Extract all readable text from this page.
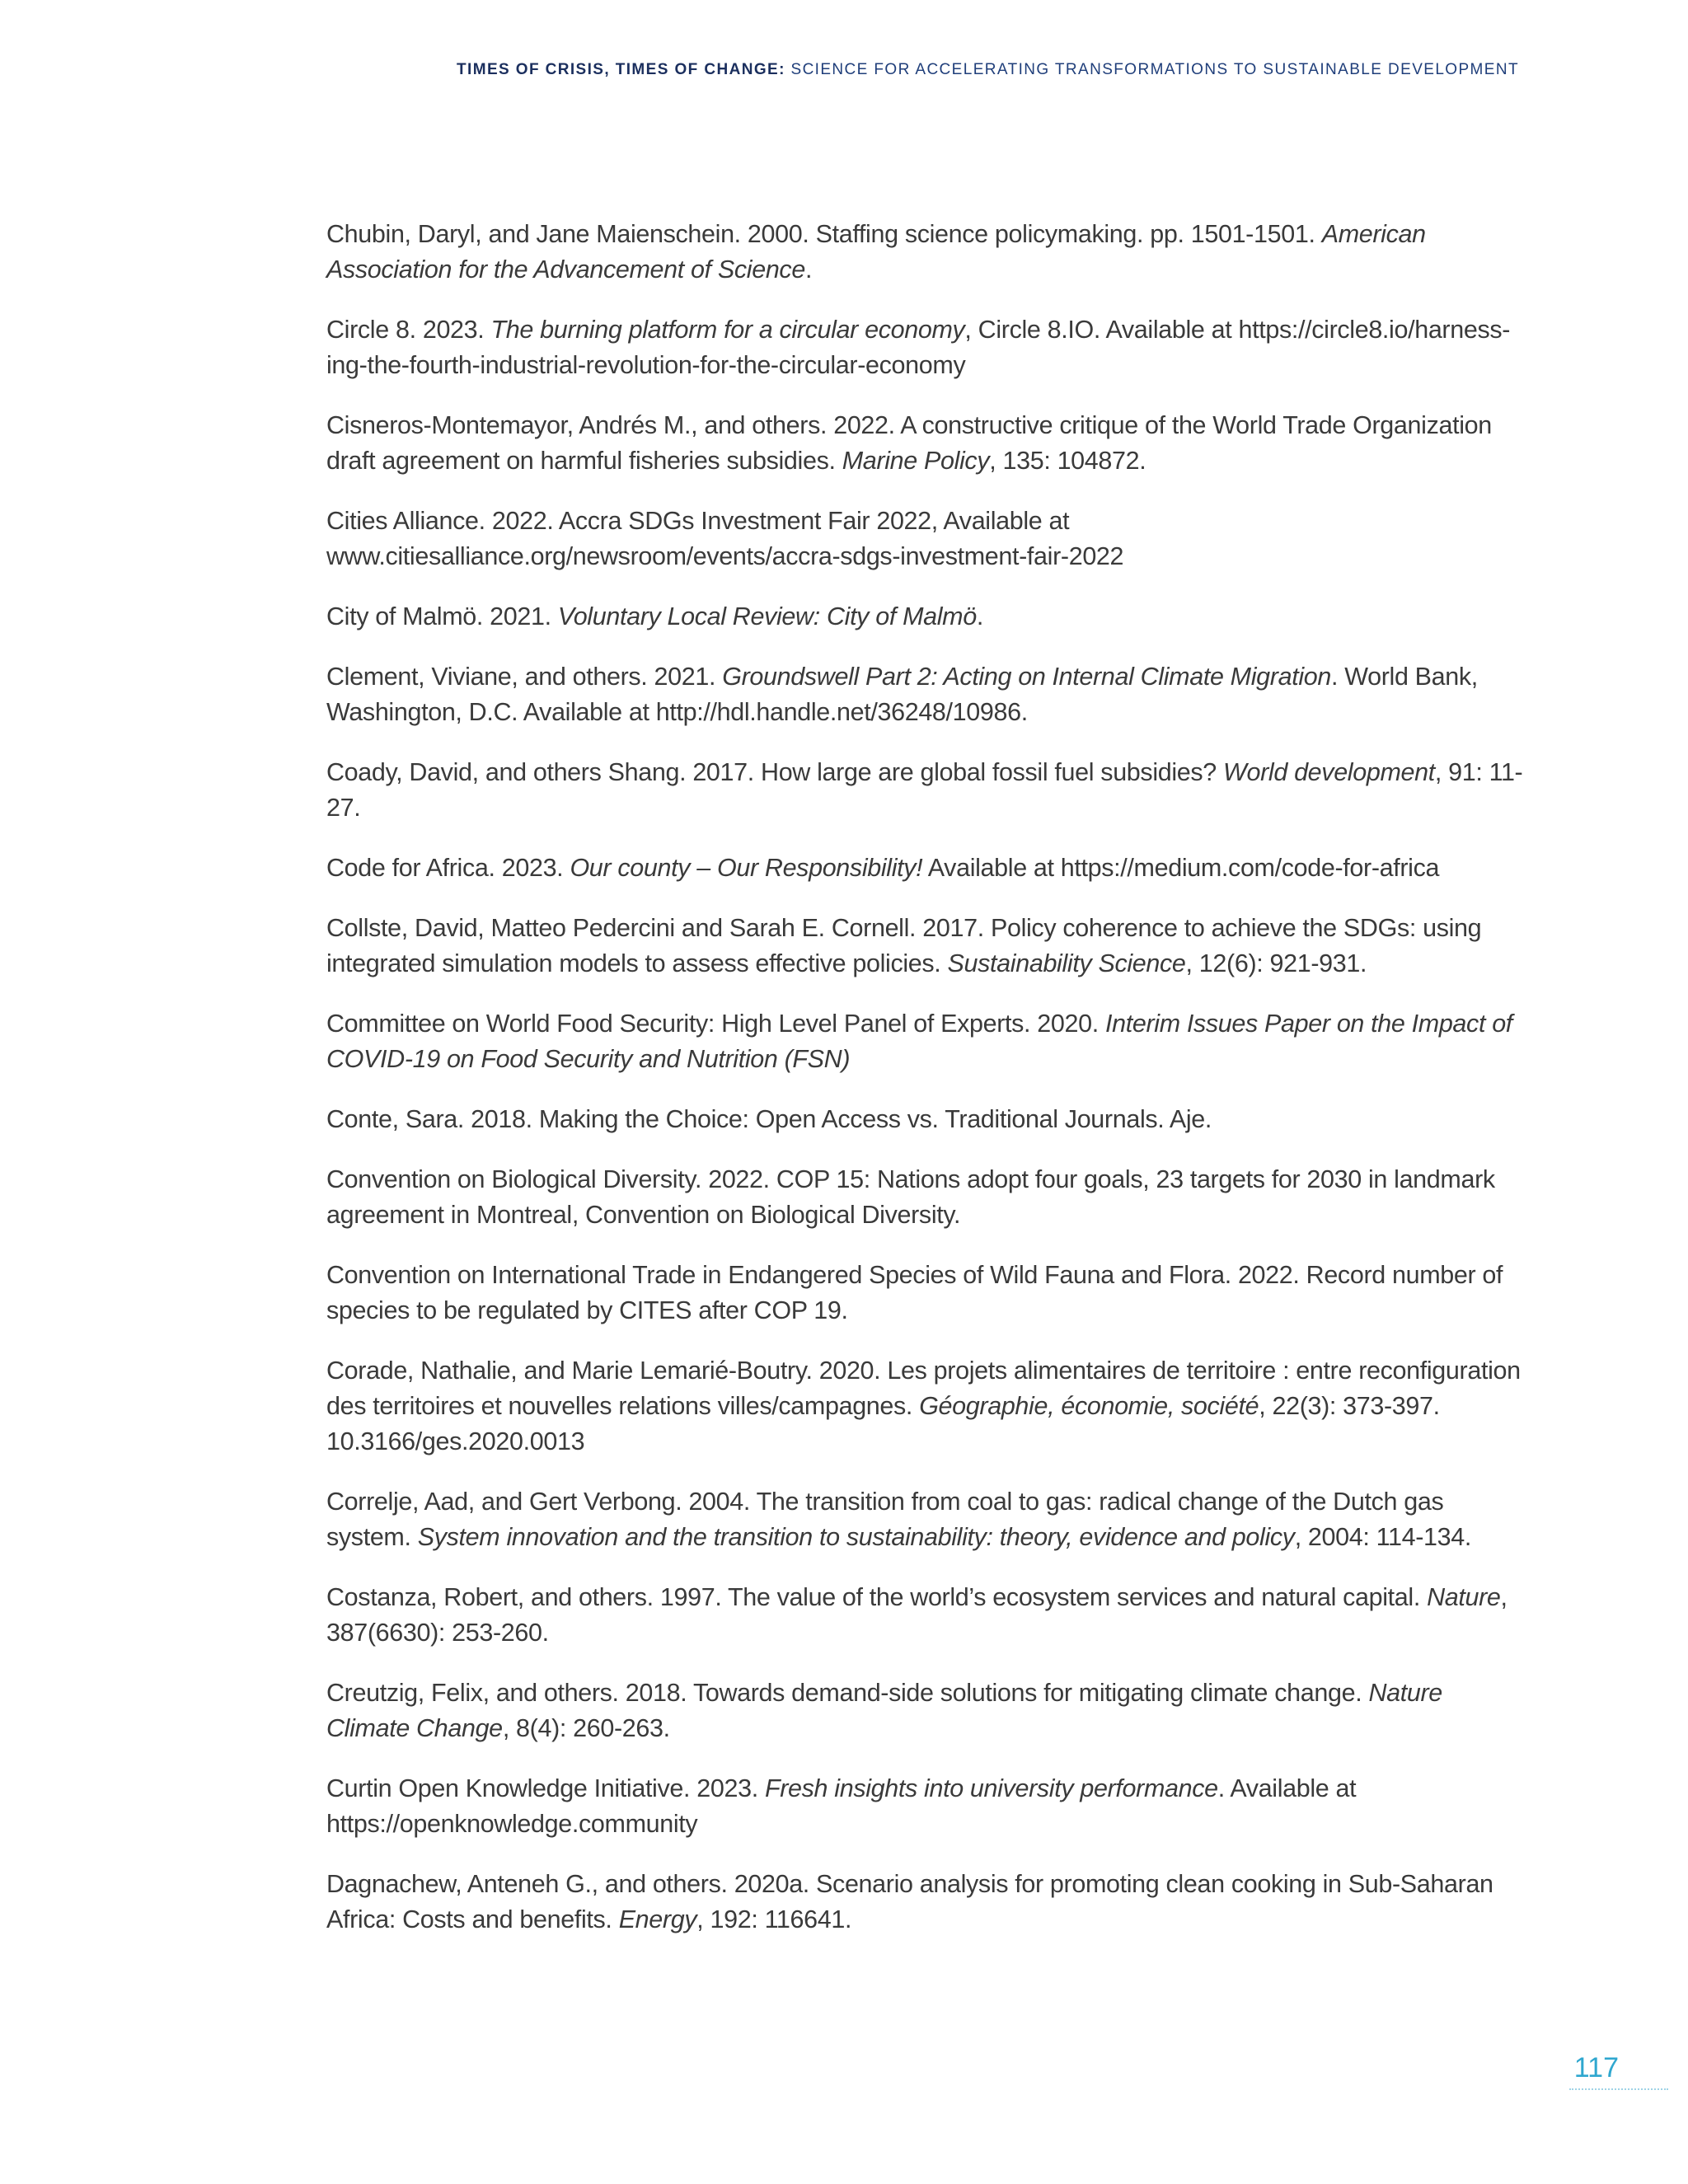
TIMES OF CRISIS, TIMES OF CHANGE: SCIENCE FOR ACCELERATING TRANSFORMATIONS TO SUSTAINABLE DEVELOPMENT

Chubin, Daryl, and Jane Maienschein. 2000. Staffing science policymaking. pp. 1501-1501. American Association for the Advancement of Science.

Circle 8. 2023. The burning platform for a circular economy, Circle 8.IO. Available at https://circle8.io/harness-ing-the-fourth-industrial-revolution-for-the-circular-economy

Cisneros-Montemayor, Andrés M., and others. 2022. A constructive critique of the World Trade Organization draft agreement on harmful fisheries subsidies. Marine Policy, 135: 104872.

Cities Alliance. 2022. Accra SDGs Investment Fair 2022, Available at www.citiesalliance.org/newsroom/events/accra-sdgs-investment-fair-2022

City of Malmö. 2021. Voluntary Local Review: City of Malmö.

Clement, Viviane, and others. 2021. Groundswell Part 2: Acting on Internal Climate Migration. World Bank, Washington, D.C. Available at http://hdl.handle.net/36248/10986.

Coady, David, and others Shang. 2017. How large are global fossil fuel subsidies? World development, 91: 11-27.

Code for Africa. 2023. Our county – Our Responsibility! Available at https://medium.com/code-for-africa

Collste, David, Matteo Pedercini and Sarah E. Cornell. 2017. Policy coherence to achieve the SDGs: using integrated simulation models to assess effective policies. Sustainability Science, 12(6): 921-931.

Committee on World Food Security: High Level Panel of Experts. 2020. Interim Issues Paper on the Impact of COVID-19 on Food Security and Nutrition (FSN)

Conte, Sara. 2018. Making the Choice: Open Access vs. Traditional Journals. Aje.

Convention on Biological Diversity. 2022. COP 15: Nations adopt four goals, 23 targets for 2030 in landmark agreement in Montreal, Convention on Biological Diversity.

Convention on International Trade in Endangered Species of Wild Fauna and Flora. 2022. Record number of species to be regulated by CITES after COP 19.

Corade, Nathalie, and Marie Lemarié-Boutry. 2020. Les projets alimentaires de territoire : entre reconfiguration des territoires et nouvelles relations villes/campagnes. Géographie, économie, société, 22(3): 373-397. 10.3166/ges.2020.0013

Correlje, Aad, and Gert Verbong. 2004. The transition from coal to gas: radical change of the Dutch gas system. System innovation and the transition to sustainability: theory, evidence and policy, 2004: 114-134.

Costanza, Robert, and others. 1997. The value of the world’s ecosystem services and natural capital. Nature, 387(6630): 253-260.

Creutzig, Felix, and others. 2018. Towards demand-side solutions for mitigating climate change. Nature Climate Change, 8(4): 260-263.

Curtin Open Knowledge Initiative. 2023. Fresh insights into university performance. Available at https://openknowledge.community

Dagnachew, Anteneh G., and others. 2020a. Scenario analysis for promoting clean cooking in Sub-Saharan Africa: Costs and benefits. Energy, 192: 116641.

117
